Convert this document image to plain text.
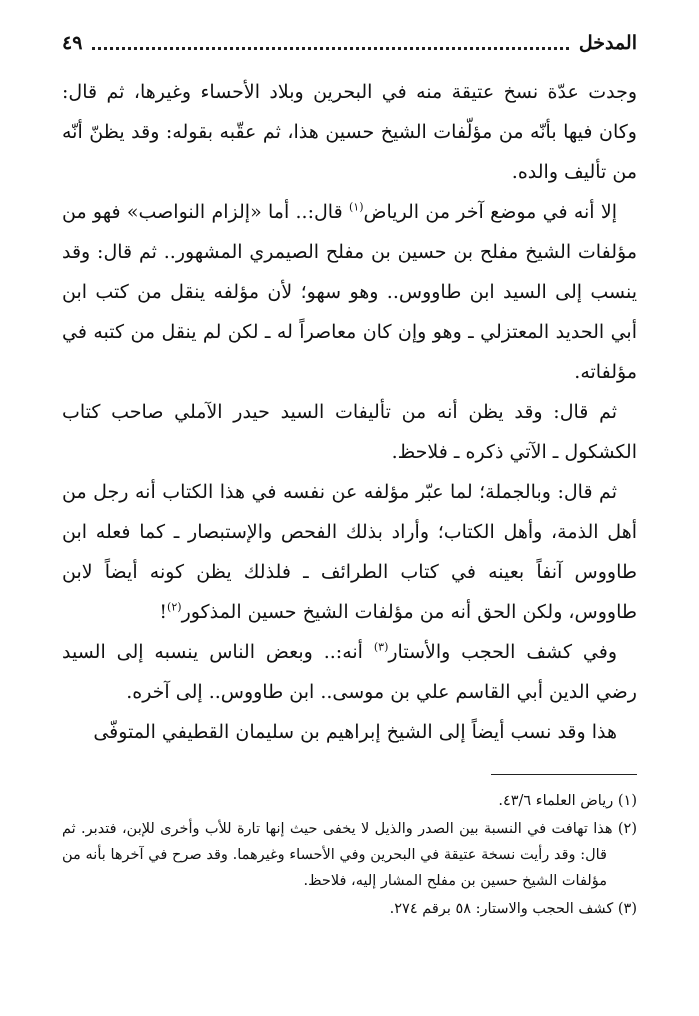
المدخل
٤٩

وجدت عدّة نسخ عتيقة منه في البحرين وبلاد الأحساء وغيرها، ثم قال: وكان فيها بأنّه من مؤلّفات الشيخ حسين هذا، ثم عقّبه بقوله: وقد يظنّ أنّه من تأليف والده.

إلا أنه في موضع آخر من الرياض$^{(١)}$ قال:.. أما «إلزام النواصب» فهو من مؤلفات الشيخ مفلح بن حسين بن مفلح الصيمري المشهور.. ثم قال: وقد ينسب إلى السيد ابن طاووس.. وهو سهو؛ لأن مؤلفه ينقل من كتب ابن أبي الحديد المعتزلي ـ وهو وإن كان معاصراً له ـ لكن لم ينقل من كتبه في مؤلفاته.

ثم قال: وقد يظن أنه من تأليفات السيد حيدر الآملي صاحب كتاب الكشكول ـ الآتي ذكره ـ فلاحظ.

ثم قال: وبالجملة؛ لما عبّر مؤلفه عن نفسه في هذا الكتاب أنه رجل من أهل الذمة، وأهل الكتاب؛ وأراد بذلك الفحص والإستبصار ـ كما فعله ابن طاووس آنفاً بعينه في كتاب الطرائف ـ فلذلك يظن كونه أيضاً لابن طاووس، ولكن الحق أنه من مؤلفات الشيخ حسين المذكور$^{(٢)}$!

وفي كشف الحجب والأستار$^{(٣)}$ أنه:.. وبعض الناس ينسبه إلى السيد رضي الدين أبي القاسم علي بن موسى.. ابن طاووس.. إلى آخره.

هذا وقد نسب أيضاً إلى الشيخ إبراهيم بن سليمان القطيفي المتوفّى

(١) رياض العلماء ٤٣/٦.

(٢) هذا تهافت في النسبة بين الصدر والذيل لا يخفى حيث إنها تارة للأب وأخرى للإبن، فتدبر. ثم قال: وقد رأيت نسخة عتيقة في البحرين وفي الأحساء وغيرهما. وقد صرح في آخرها بأنه من مؤلفات الشيخ حسين بن مفلح المشار إليه، فلاحظ.

(٣) كشف الحجب والاستار: ٥٨ برقم ٢٧٤.
